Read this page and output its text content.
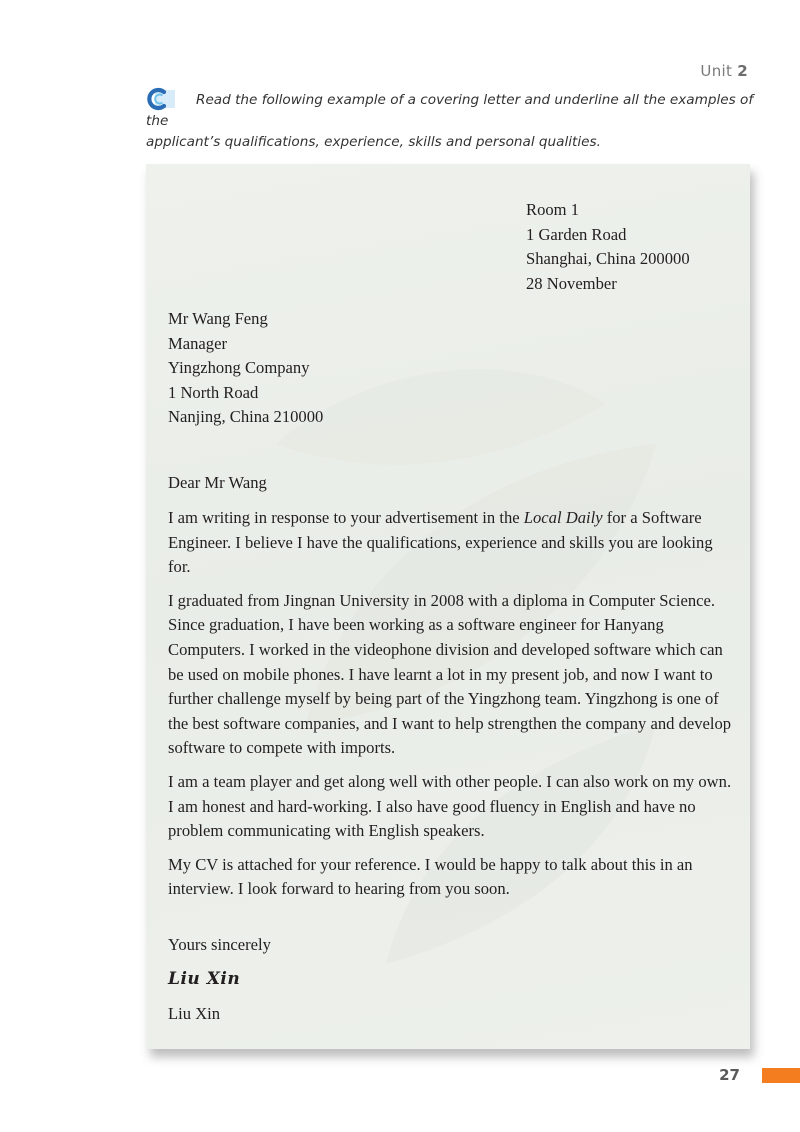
Unit 2
Read the following example of a covering letter and underline all the examples of the
applicant’s qualifications, experience, skills and personal qualities.
Room 1
1 Garden Road
Shanghai, China 200000
28 November
Mr Wang Feng
Manager
Yingzhong Company
1 North Road
Nanjing, China 210000
Dear Mr Wang

I am writing in response to your advertisement in the Local Daily for a Software Engineer. I believe I have the qualifications, experience and skills you are looking for.

I graduated from Jingnan University in 2008 with a diploma in Computer Science. Since graduation, I have been working as a software engineer for Hanyang Computers. I worked in the videophone division and developed software which can be used on mobile phones. I have learnt a lot in my present job, and now I want to further challenge myself by being part of the Yingzhong team. Yingzhong is one of the best software companies, and I want to help strengthen the company and develop software to compete with imports.

I am a team player and get along well with other people. I can also work on my own. I am honest and hard-working. I also have good fluency in English and have no problem communicating with English speakers.

My CV is attached for your reference. I would be happy to talk about this in an interview. I look forward to hearing from you soon.

Yours sincerely
Liu Xin
Liu Xin
27
